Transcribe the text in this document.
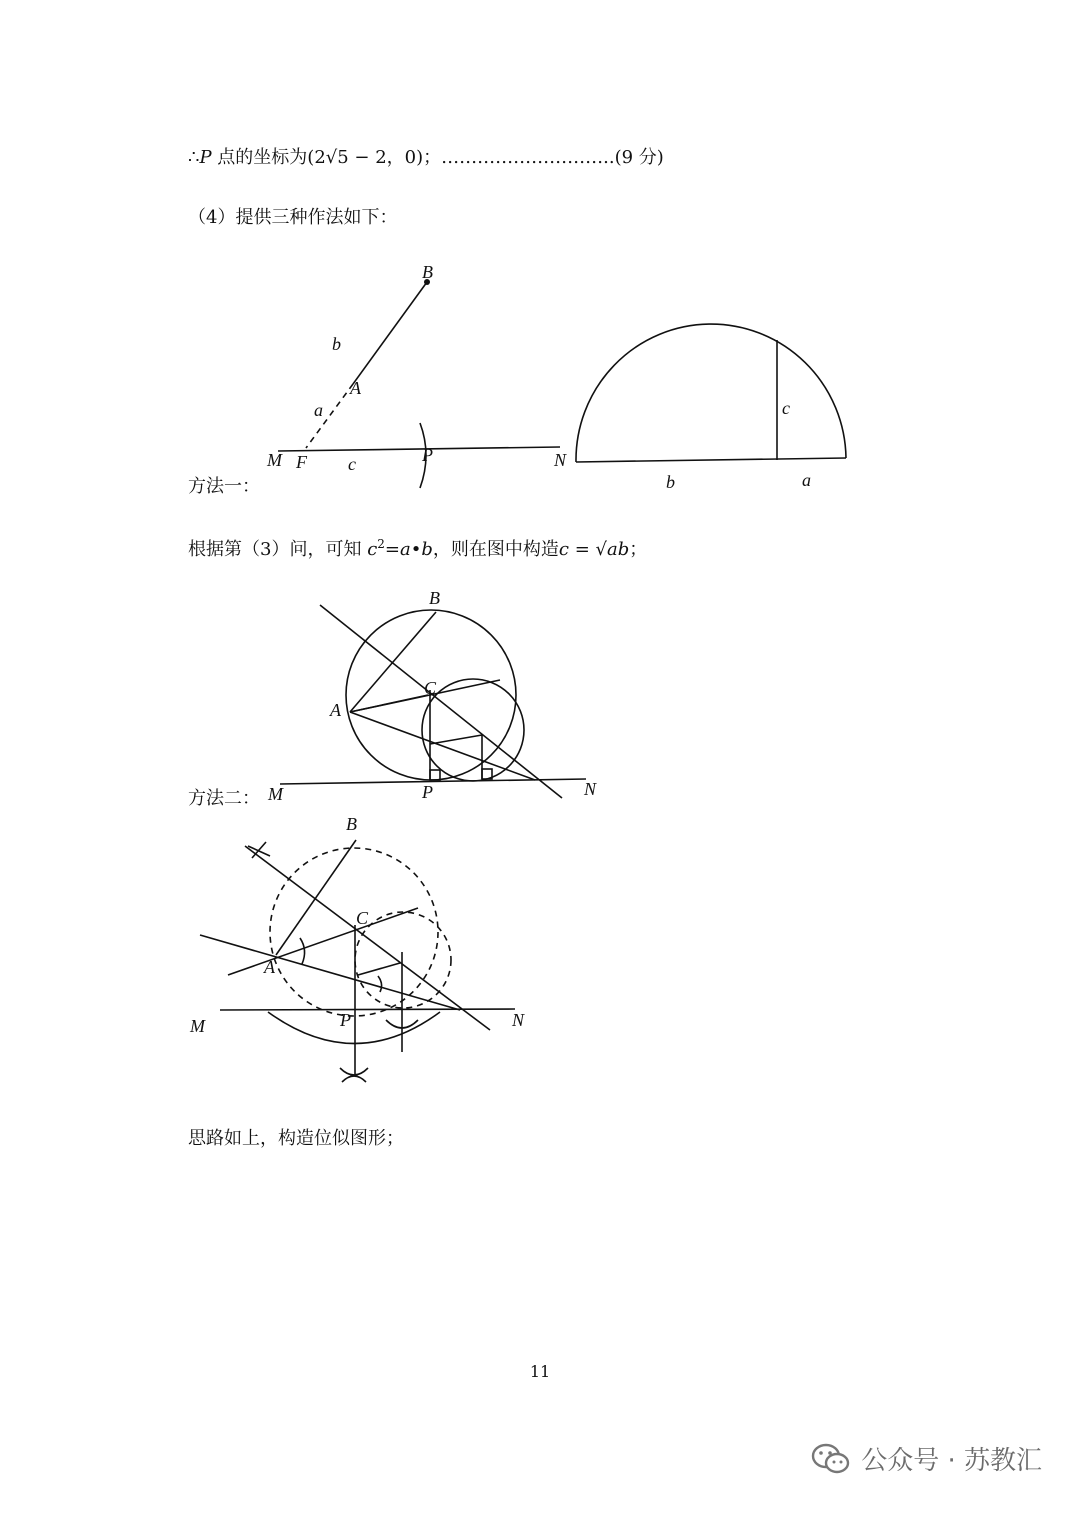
∴P 点的坐标为(2√5 − 2，0)；………………………..(9 分)
（4）提供三种作法如下：
B
b
A
a
M F c	P	N
c
b	a
方法一：
根据第（3）问，可知 $c^2=a•b$，则在图中构造c = √ab；
B
C
A
M	P	N
方法二：
B
C
A
M	P	N
思路如上，构造位似图形；
11
公众号 · 苏教汇
